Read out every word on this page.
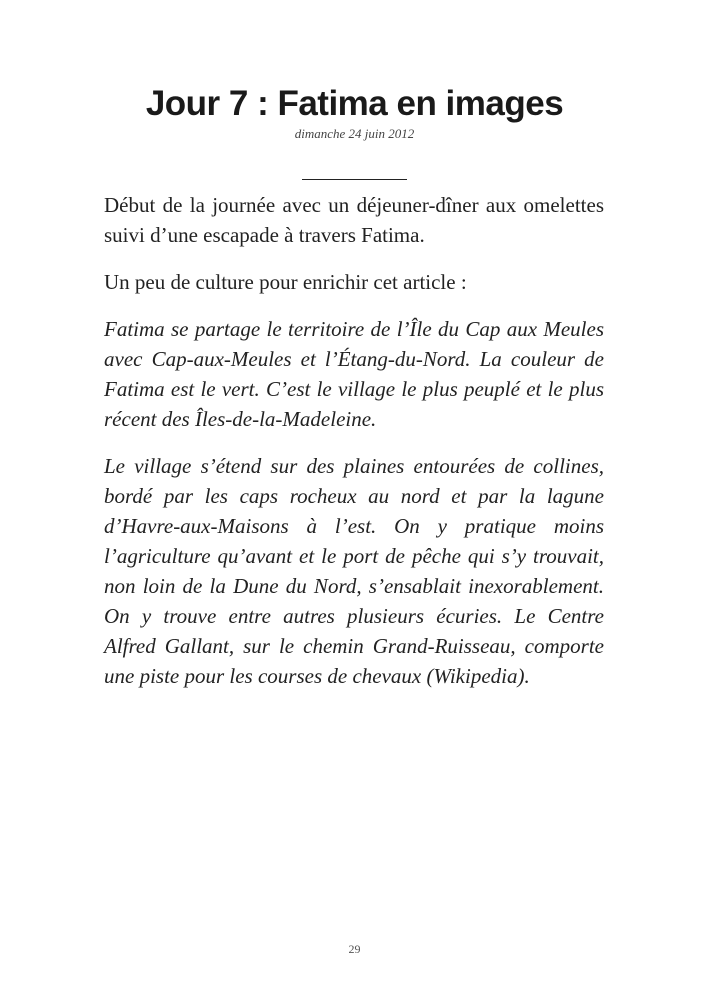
Jour 7 : Fatima en images
dimanche 24 juin 2012

Début de la journée avec un déjeuner-dîner aux omelettes suivi d’une escapade à travers Fatima.

Un peu de culture pour enrichir cet article :

Fatima se partage le territoire de l’Île du Cap aux Meules avec Cap-aux-Meules et l’Étang-du-Nord. La couleur de Fatima est le vert. C’est le village le plus peuplé et le plus récent des Îles-de-la-Madeleine.

Le village s’étend sur des plaines entourées de collines, bordé par les caps rocheux au nord et par la lagune d’Havre-aux-Maisons à l’est. On y pratique moins l’agriculture qu’avant et le port de pêche qui s’y trouvait, non loin de la Dune du Nord, s’ensablait inexorablement. On y trouve entre autres plusieurs écuries. Le Centre Alfred Gallant, sur le chemin Grand-Ruisseau, comporte une piste pour les courses de chevaux (Wikipedia).

29
